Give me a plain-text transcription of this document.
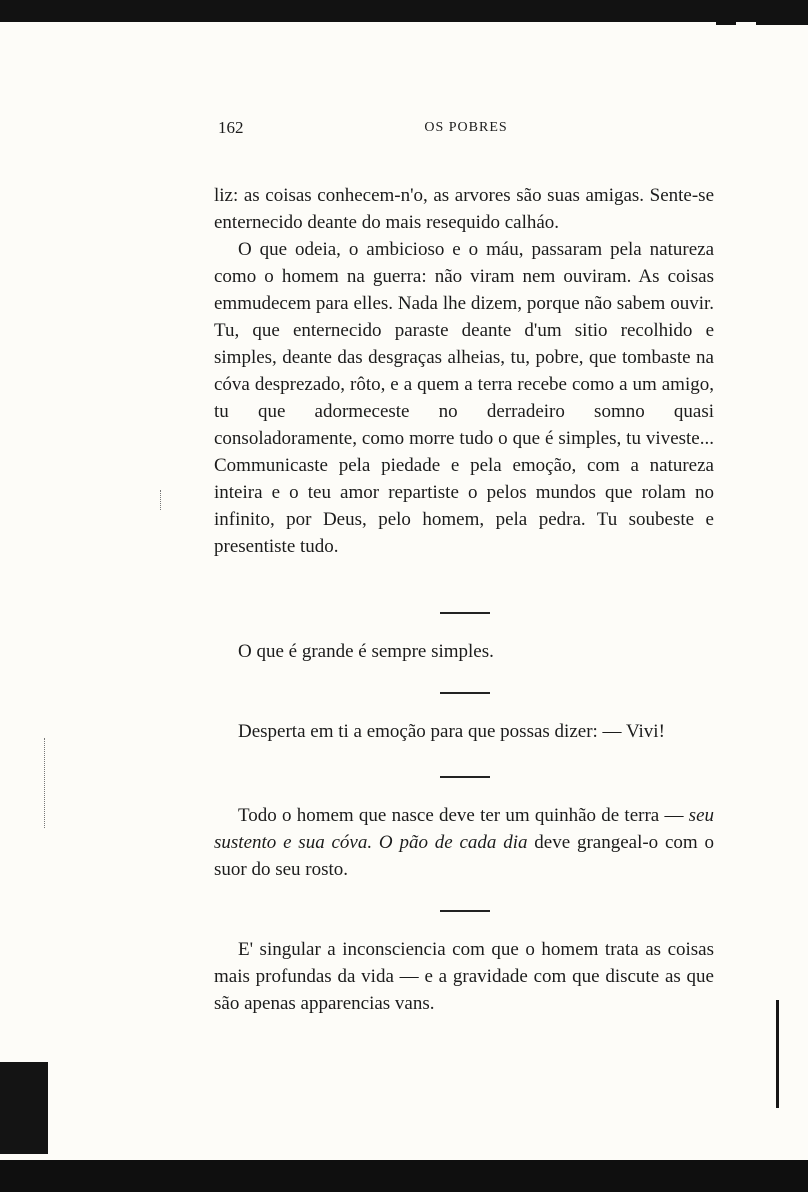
162	OS POBRES

liz: as coisas conhecem-n'o, as arvores são suas amigas. Sente-se enternecido deante do mais resequido calháo.

O que odeia, o ambicioso e o máu, passaram pela natureza como o homem na guerra: não viram nem ouviram. As coisas emmudecem para elles. Nada lhe dizem, porque não sabem ouvir. Tu, que enternecido paraste deante d'um sitio recolhido e simples, deante das desgraças alheias, tu, pobre, que tombaste na cóva desprezado, rôto, e a quem a terra recebe como a um amigo, tu que adormeceste no derradeiro somno quasi consoladoramente, como morre tudo o que é simples, tu viveste... Communicaste pela piedade e pela emoção, com a natureza inteira e o teu amor repartiste o pelos mundos que rolam no infinito, por Deus, pelo homem, pela pedra. Tu soubeste e presentiste tudo.

O que é grande é sempre simples.

Desperta em ti a emoção para que possas dizer: — Vivi!

Todo o homem que nasce deve ter um quinhão de terra — seu sustento e sua cóva. O pão de cada dia deve grangeal-o com o suor do seu rosto.

E' singular a inconsciencia com que o homem trata as coisas mais profundas da vida — e a gravidade com que discute as que são apenas apparencias vans.
